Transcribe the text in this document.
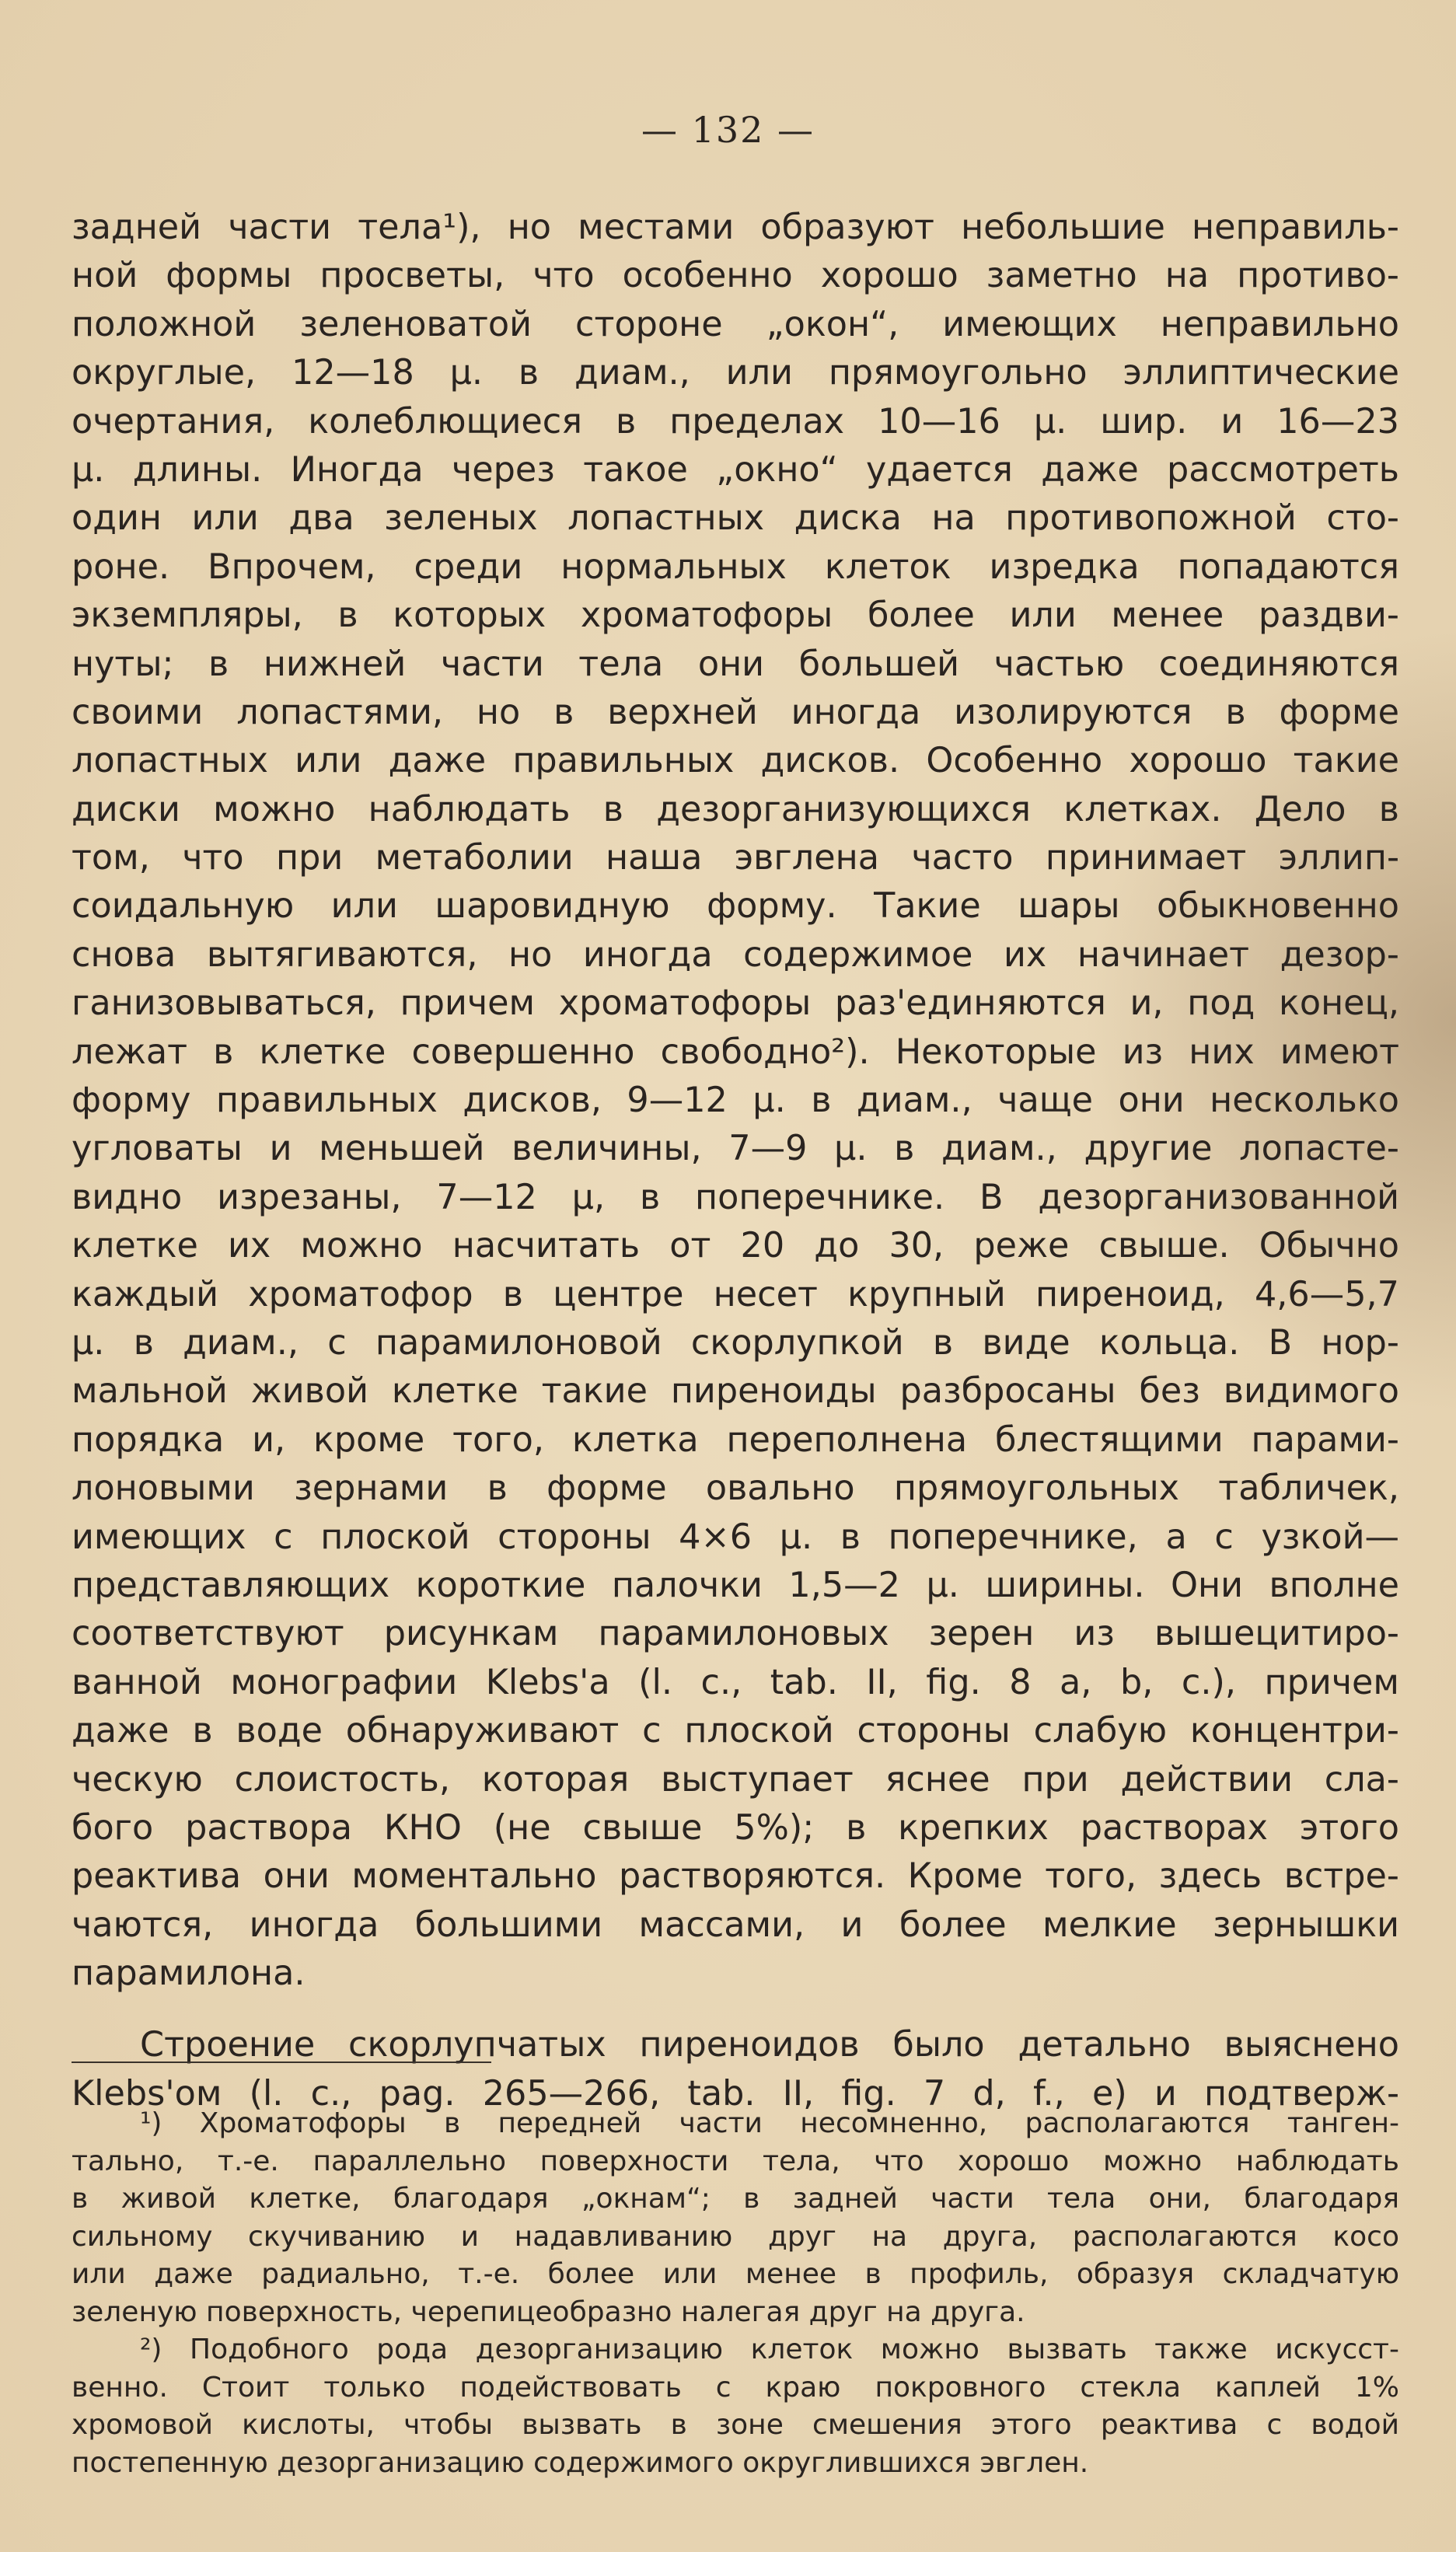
— 132 —
задней части тела¹), но местами образуют небольшие неправиль-
ной формы просветы, что особенно хорошо заметно на противо-
положной зеленоватой стороне „окон“, имеющих неправильно
округлые, 12—18 μ. в диам., или прямоугольно эллиптические
очертания, колеблющиеся в пределах 10—16 μ. шир. и 16—23
μ. длины. Иногда через такое „окно“ удается даже рассмотреть
один или два зеленых лопастных диска на противопожной сто-
роне. Впрочем, среди нормальных клеток изредка попадаются
экземпляры, в которых хроматофоры более или менее раздви-
нуты; в нижней части тела они большей частью соединяются
своими лопастями, но в верхней иногда изолируются в форме
лопастных или даже правильных дисков. Особенно хорошо такие
диски можно наблюдать в дезорганизующихся клетках. Дело в
том, что при метаболии наша эвглена часто принимает эллип-
соидальную или шаровидную форму. Такие шары обыкновенно
снова вытягиваются, но иногда содержимое их начинает дезор-
ганизовываться, причем хроматофоры раз'единяются и, под конец,
лежат в клетке совершенно свободно²). Некоторые из них имеют
форму правильных дисков, 9—12 μ. в диам., чаще они несколько
угловаты и меньшей величины, 7—9 μ. в диам., другие лопасте-
видно изрезаны, 7—12 μ, в поперечнике. В дезорганизованной
клетке их можно насчитать от 20 до 30, реже свыше. Обычно
каждый хроматофор в центре несет крупный пиреноид, 4,6—5,7
μ. в диам., с парамилоновой скорлупкой в виде кольца. В нор-
мальной живой клетке такие пиреноиды разбросаны без видимого
порядка и, кроме того, клетка переполнена блестящими парами-
лоновыми зернами в форме овально прямоугольных табличек,
имеющих с плоской стороны 4×6 μ. в поперечнике, а с узкой—
представляющих короткие палочки 1,5—2 μ. ширины. Они вполне
соответствуют рисункам парамилоновых зерен из вышецитиро-
ванной монографии Klebs'a (l. c., tab. II, fig. 8 a, b, c.), причем
даже в воде обнаруживают с плоской стороны слабую концентри-
ческую слоистость, которая выступает яснее при действии сла-
бого раствора КНО (не свыше 5%); в крепких растворах этого
реактива они моментально растворяются. Кроме того, здесь встре-
чаются, иногда большими массами, и более мелкие зернышки
парамилона.
Строение скорлупчатых пиреноидов было детально выяснено
Klebs'ом (l. c., pag. 265—266, tab. II, fig. 7 d, f., e) и подтверж-
¹) Хроматофоры в передней части несомненно, располагаются танген-
тально, т.-е. параллельно поверхности тела, что хорошо можно наблюдать
в живой клетке, благодаря „окнам“; в задней части тела они, благодаря
сильному скучиванию и надавливанию друг на друга, располагаются косо
или даже радиально, т.-е. более или менее в профиль, образуя складчатую
зеленую поверхность, черепицеобразно налегая друг на друга.
²) Подобного рода дезорганизацию клеток можно вызвать также искусст-
венно. Стоит только подействовать с краю покровного стекла каплей 1%
хромовой кислоты, чтобы вызвать в зоне смешения этого реактива с водой
постепенную дезорганизацию содержимого округлившихся эвглен.
